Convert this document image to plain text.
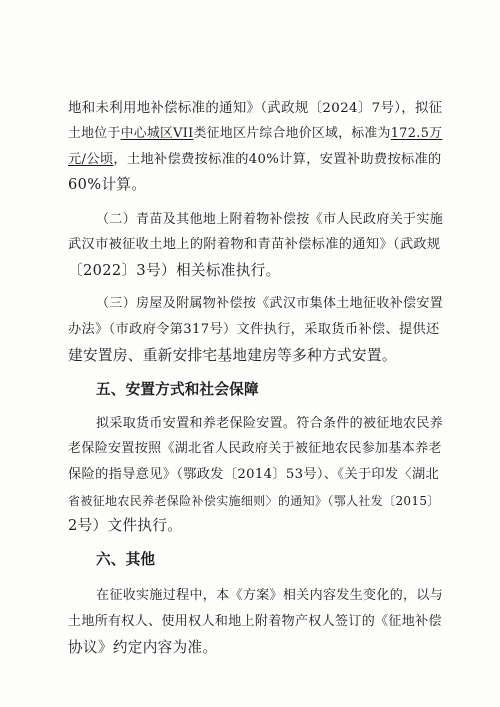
地和未利用地补偿标准的通知》（武政规〔2024〕7号），拟征
土地位于中心城区VII类征地区片综合地价区域，标准为172.5万
元/公顷，土地补偿费按标准的40%计算，安置补助费按标准的
60%计算。
（二）青苗及其他地上附着物补偿按《市人民政府关于实施
武汉市被征收土地上的附着物和青苗补偿标准的通知》（武政规
〔2022〕3号）相关标准执行。
（三）房屋及附属物补偿按《武汉市集体土地征收补偿安置
办法》（市政府令第317号）文件执行，采取货币补偿、提供还
建安置房、重新安排宅基地建房等多种方式安置。
五、安置方式和社会保障
拟采取货币安置和养老保险安置。符合条件的被征地农民养
老保险安置按照《湖北省人民政府关于被征地农民参加基本养老
保险的指导意见》（鄂政发〔2014〕53号）、《关于印发〈湖北
省被征地农民养老保险补偿实施细则〉的通知》（鄂人社发〔2015〕
2号）文件执行。
六、其他
在征收实施过程中，本《方案》相关内容发生变化的，以与
土地所有权人、使用权人和地上附着物产权人签订的《征地补偿
协议》约定内容为准。
